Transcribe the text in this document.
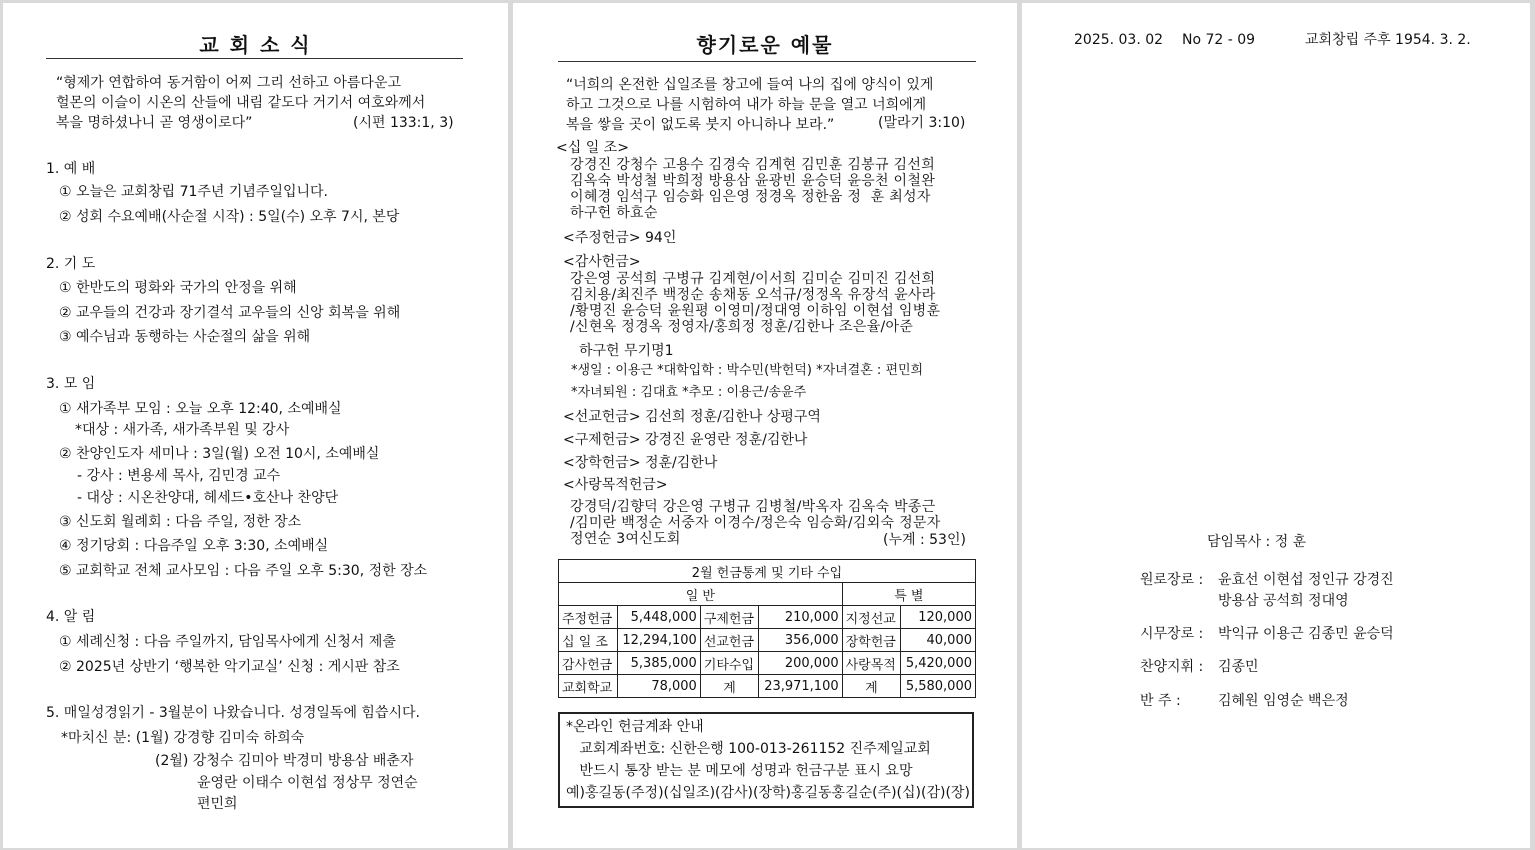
교 회 소 식
“형제가 연합하여 동거함이 어찌 그리 선하고 아름다운고
헐몬의 이슬이 시온의 산들에 내림 같도다 거기서 여호와께서
복을 명하셨나니 곧 영생이로다”	(시편 133:1, 3)
1. 예 배
① 오늘은 교회창립 71주년 기념주일입니다.
② 성회 수요예배(사순절 시작) : 5일(수) 오후 7시, 본당
2. 기 도
① 한반도의 평화와 국가의 안정을 위해
② 교우들의 건강과 장기결석 교우들의 신앙 회복을 위해
③ 예수님과 동행하는 사순절의 삶을 위해
3. 모 임
① 새가족부 모임 : 오늘 오후 12:40, 소예배실
*대상 : 새가족, 새가족부원 및 강사
② 찬양인도자 세미나 : 3일(월) 오전 10시, 소예배실
- 강사 : 변용세 목사, 김민경 교수
- 대상 : 시온찬양대, 헤세드•호산나 찬양단
③ 신도회 월례회 : 다음 주일, 정한 장소
④ 정기당회 : 다음주일 오후 3:30, 소예배실
⑤ 교회학교 전체 교사모임 : 다음 주일 오후 5:30, 정한 장소
4. 알 림
① 세례신청 : 다음 주일까지, 담임목사에게 신청서 제출
② 2025년 상반기 ‘행복한 악기교실’ 신청 : 게시판 참조
5. 매일성경읽기 - 3월분이 나왔습니다. 성경일독에 힘씁시다.
*마치신 분: (1월) 강경향 김미숙 하희숙
(2월) 강청수 김미아 박경미 방용삼 배춘자
윤영란 이태수 이현섭 정상무 정연순
편민희
향기로운 예물
“너희의 온전한 십일조를 창고에 들여 나의 집에 양식이 있게
하고 그것으로 나를 시험하여 내가 하늘 문을 열고 너희에게
복을 쌓을 곳이 없도록 붓지 아니하나 보라.”	(말라기 3:10)
<십 일 조>
강경진 강청수 고용수 김경숙 김계현 김민훈 김봉규 김선희
김옥숙 박성철 박희정 방용삼 윤광빈 윤승덕 윤응천 이철완
이혜경 임석구 임승화 임은영 정경옥 정한움 정  훈 최성자
하구헌 하효순
<주정헌금> 94인
<감사헌금>
강은영 공석희 구병규 김계현/이서희 김미순 김미진 김선희
김치용/최진주 백정순 송채동 오석규/정정옥 유장석 윤사라
/황명진 윤승덕 윤원평 이영미/정대영 이하임 이현섭 임병훈
/신현옥 정경옥 정영자/홍희정 정훈/김한나 조은율/아준
하구헌 무기명1
*생일 : 이용근 *대학입학 : 박수민(박헌덕) *자녀결혼 : 편민희
*자녀퇴원 : 김대효 *추모 : 이용근/송윤주
<선교헌금> 김선희 정훈/김한나 상평구역
<구제헌금> 강경진 윤영란 정훈/김한나
<장학헌금> 정훈/김한나
<사랑목적헌금>
강경덕/김향덕 강은영 구병규 김병철/박옥자 김옥숙 박종근
/김미란 백정순 서중자 이경수/정은숙 임승화/김외숙 정문자
정연순 3여신도회	(누계 : 53인)
2월 헌금통계 및 기타 수입					
일 반				특 별	
주정헌금	5,448,000	구제헌금	210,000	지정선교	120,000
십 일 조	12,294,100	선교헌금	356,000	장학헌금	40,000
감사헌금	5,385,000	기타수입	200,000	사랑목적	5,420,000
교회학교	78,000	계	23,971,100	계	5,580,000
*온라인 헌금계좌 안내
교회계좌번호: 신한은행 100-013-261152 진주제일교회
반드시 통장 받는 분 메모에 성명과 헌금구분 표시 요망
예)홍길동(주정)(십일조)(감사)(장학)홍길동홍길순(주)(십)(감)(장)
2025. 03. 02 No 72 - 09	교회창립 주후 1954. 3. 2.
담임목사 : 정 훈
원로장로 : 윤효선 이현섭 정인규 강경진
방용삼 공석희 정대영
시무장로 : 박익규 이용근 김종민 윤승덕
찬양지휘 : 김종민
반 주 :	김혜원 임영순 백은정
